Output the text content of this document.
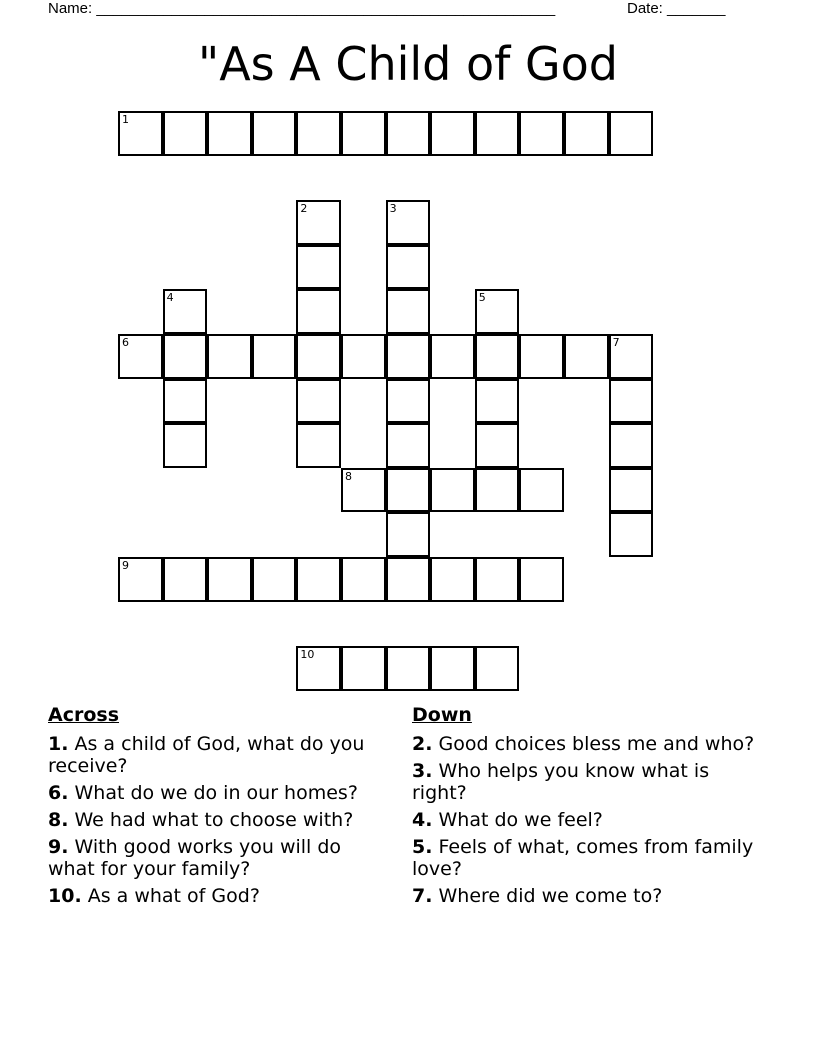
Name: _______________________________________________________	Date: _______
"As A Child of God
1
2	3
4	5
6	7
8
9
10
Across
1. As a child of God, what do you receive?
6. What do we do in our homes?
8. We had what to choose with?
9. With good works you will do what for your family?
10. As a what of God?
Down
2. Good choices bless me and who?
3. Who helps you know what is right?
4. What do we feel?
5. Feels of what, comes from family love?
7. Where did we come to?
